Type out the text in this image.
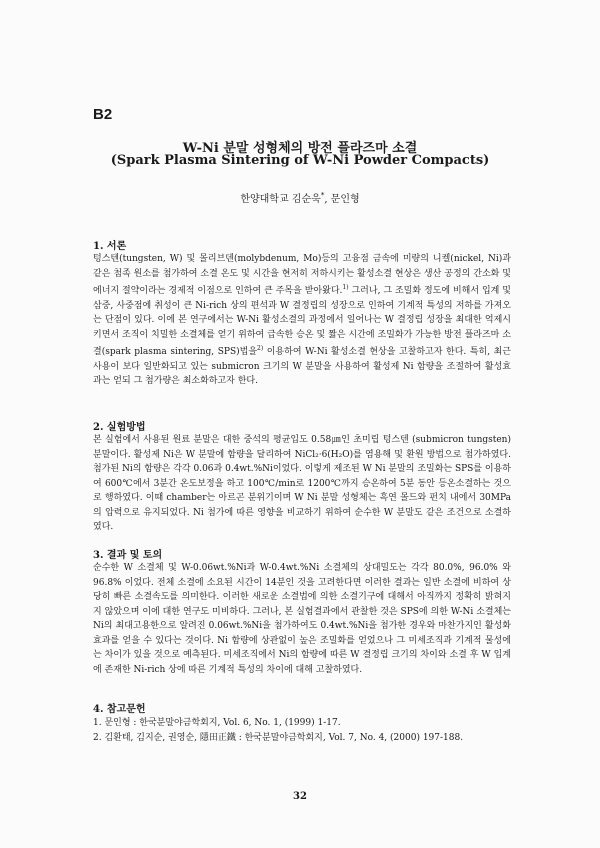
B2
W-Ni 분말 성형체의 방전 플라즈마 소결
(Spark Plasma Sintering of W-Ni Powder Compacts)
한양대학교 김순욱*, 문인형
1. 서론

텅스텐(tungsten, W) 및 몰리브덴(molybdenum, Mo)등의 고융점 금속에 미량의 니켈(nickel, Ni)과 같은 첨족 원소를 첨가하여 소결 온도 및 시간을 현저히 저하시키는 활성소결 현상은 생산 공정의 간소화 및 에너지 절약이라는 경제적 이점으로 인하여 큰 주목을 받아왔다.$^{1)}$ 그러나, 그 조밀화 정도에 비해서 입계 및 삼중, 사중점에 취성이 큰 Ni-rich 상의 편석과 W 결정립의 성장으로 인하여 기계적 특성의 저하를 가져오는 단점이 있다. 이에 본 연구에서는 W-Ni 활성소결의 과정에서 일어나는 W 결정립 성장을 최대한 억제시키면서 조직이 치밀한 소결체를 얻기 위하여 급속한 승온 및 짧은 시간에 조밀화가 가능한 방전 플라즈마 소결(spark plasma sintering, SPS)법을$^{2)}$ 이용하여 W-Ni 활성소결 현상을 고찰하고자 한다. 특히, 최근 사용이 보다 일반화되고 있는 submicron 크기의 W 분말을 사용하여 활성제 Ni 함량을 조절하여 활성효과는 얻되 그 첨가량은 최소화하고자 한다.

2. 실험방법

본 실험에서 사용된 원료 분말은 대한 중석의 평균입도 0.58㎛인 초미립 텅스텐 (submicron tungsten) 분말이다. 활성제 Ni은 W 분말에 함량을 달리하여 NiCl₂·6(H₂O)를 염용해 및 환원 방법으로 첨가하였다. 첨가된 Ni의 함량은 각각 0.06과 0.4wt.%Ni이었다. 이렇게 제조된 W Ni 분말의 조밀화는 SPS를 이용하여 600℃에서 3분간 온도보정을 하고 100℃/min로 1200℃까지 승온하여 5분 동안 등온소결하는 것으로 행하였다. 이때 chamber는 아르곤 분위기이며 W Ni 분말 성형체는 흑연 몰드와 펀치 내에서 30MPa의 압력으로 유지되었다. Ni 첨가에 따른 영향을 비교하기 위하여 순수한 W 분말도 같은 조건으로 소결하였다.

3. 결과 및 토의

순수한 W 소결체 및 W-0.06wt.%Ni과 W-0.4wt.%Ni 소결체의 상대밀도는 각각 80.0%, 96.0% 와 96.8% 이었다. 전체 소결에 소요된 시간이 14분인 것을 고려한다면 이러한 결과는 일반 소결에 비하여 상당히 빠른 소결속도를 의미한다. 이러한 새로운 소결법에 의한 소결기구에 대해서 아직까지 정확히 밝혀지지 않았으며 이에 대한 연구도 미비하다. 그러나, 본 실험결과에서 관찰한 것은 SPS에 의한 W-Ni 소결체는 Ni의 최대고용한으로 알려진 0.06wt.%Ni을 첨가하여도 0.4wt.%Ni을 첨가한 경우와 마찬가지인 활성화 효과를 얻을 수 있다는 것이다. Ni 함량에 상관없이 높은 조밀화를 얻었으나 그 미세조직과 기계적 물성에는 차이가 있을 것으로 예측된다. 미세조직에서 Ni의 함량에 따른 W 결정립 크기의 차이와 소결 후 W 입계에 존재한 Ni-rich 상에 따른 기계적 특성의 차이에 대해 고찰하였다.

4. 참고문헌
1. 문인형 : 한국분말야금학회지, Vol. 6, No. 1, (1999) 1-17.
2. 김환태, 김지순, 권영순, 隱田正鐵 : 한국분말야금학회지, Vol. 7, No. 4, (2000) 197-188.
32
